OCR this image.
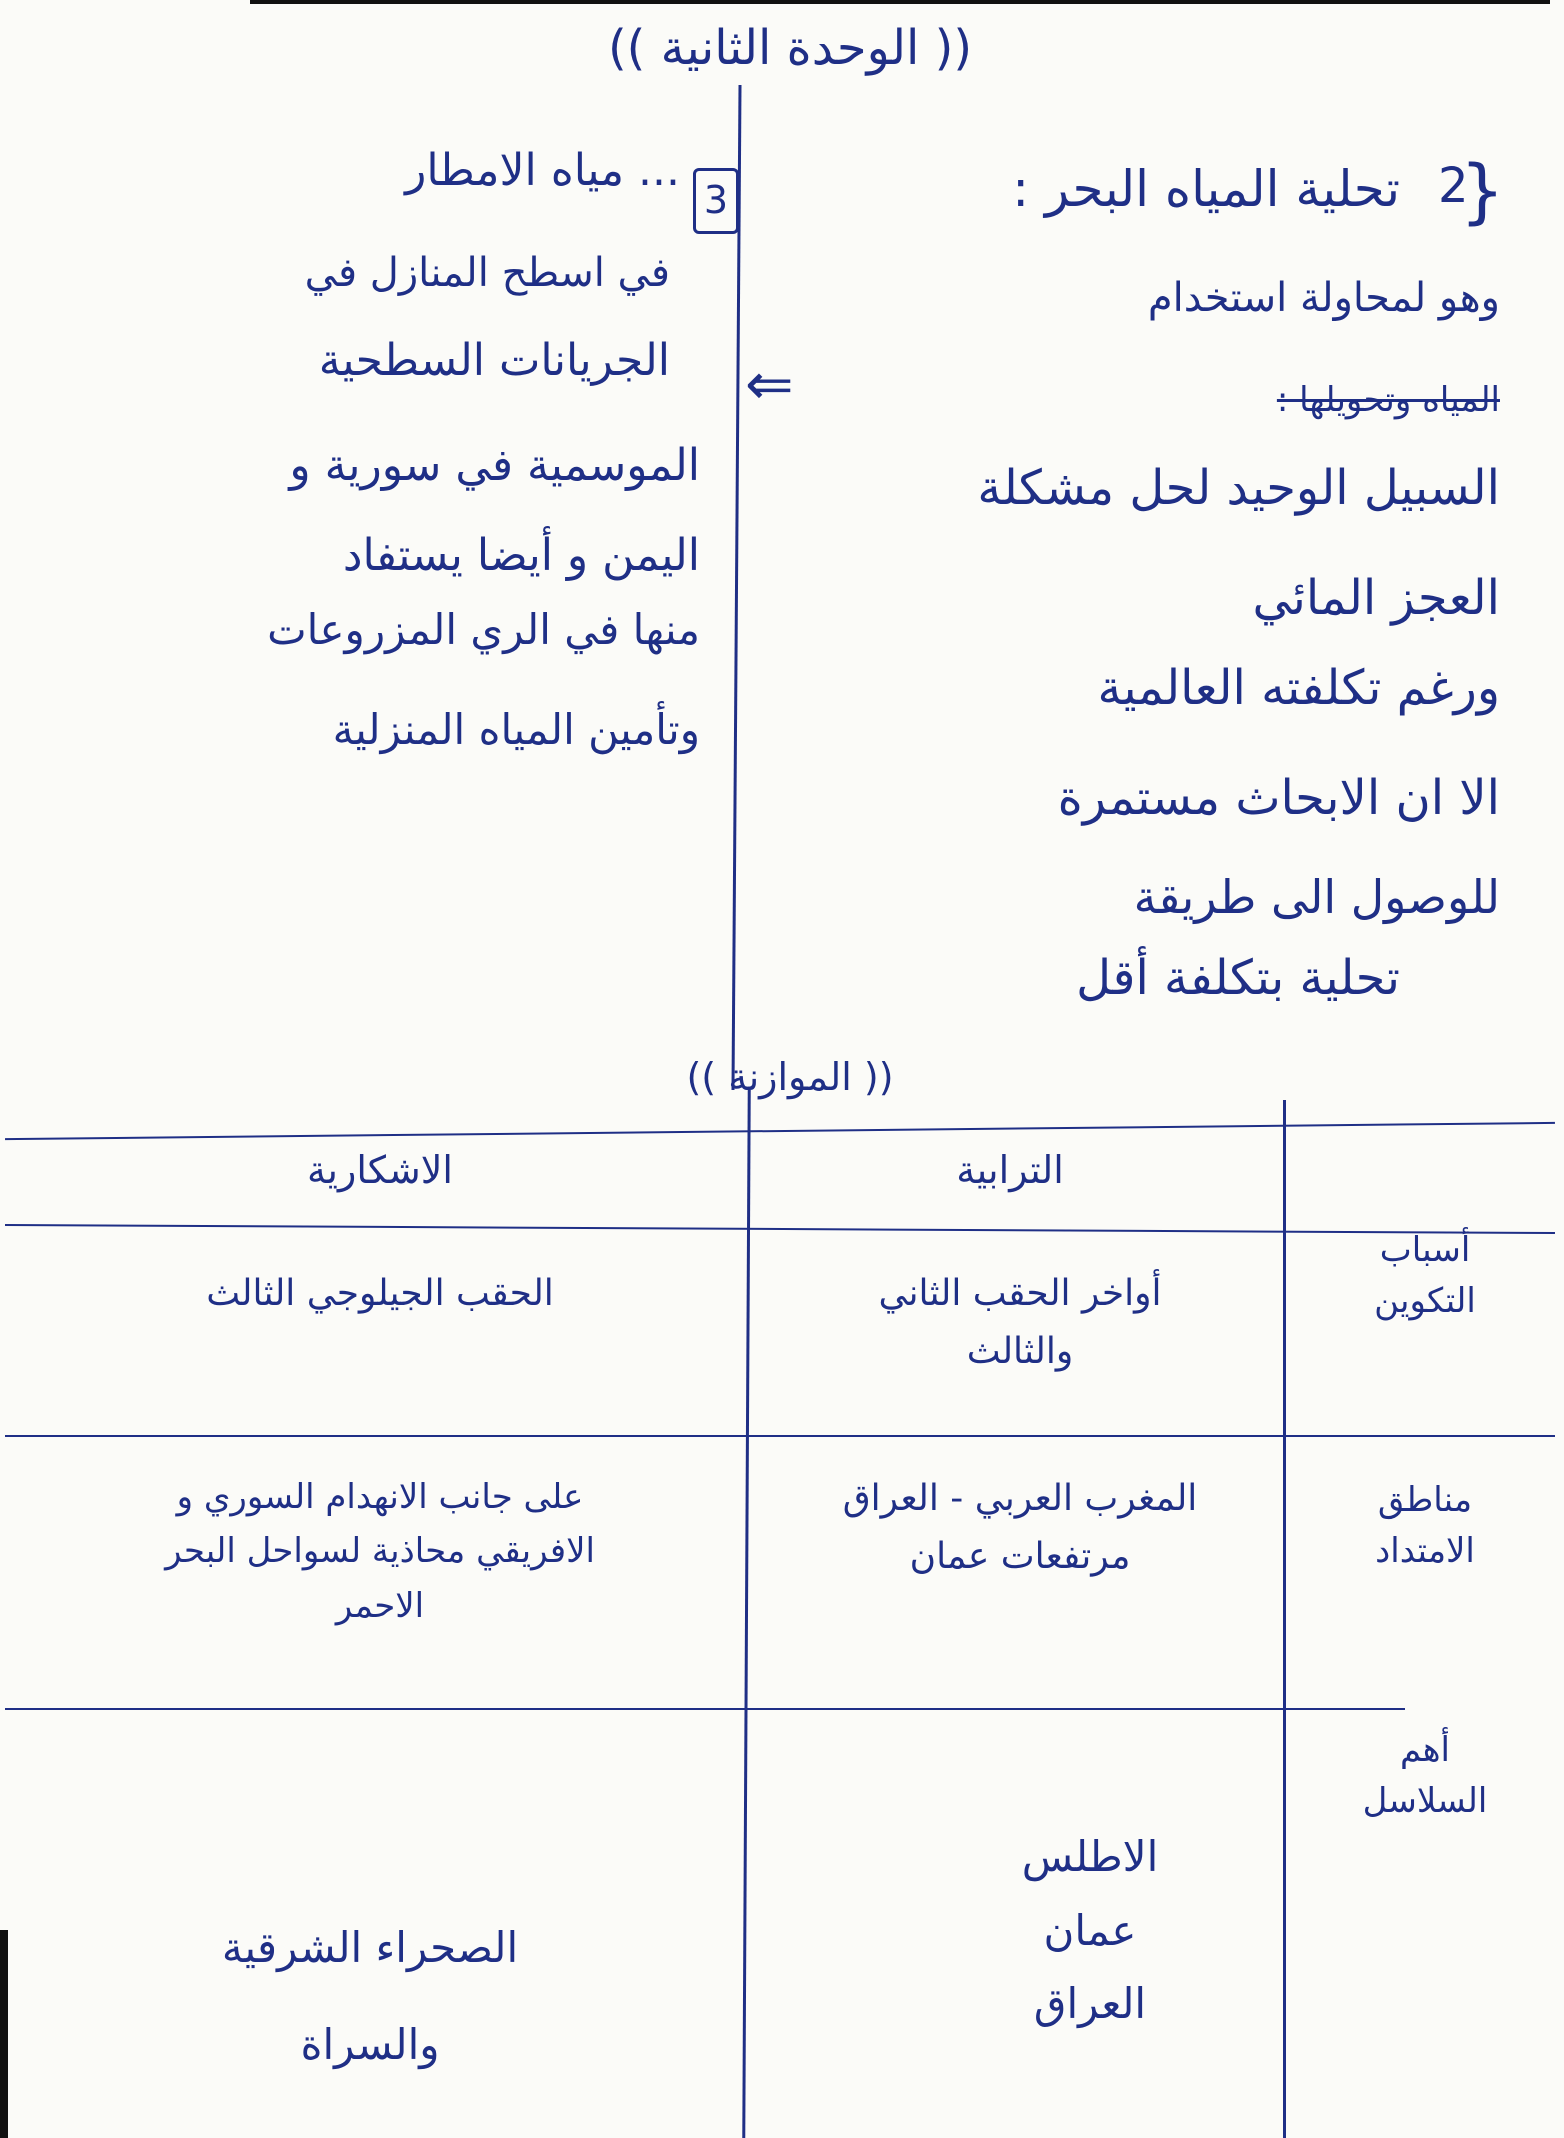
(( الوحدة الثانية ))
}
2
تحلية المياه البحر :
⇐
وهو لمحاولة استخدام
المياه وتحويلها :
السبيل الوحيد لحل مشكلة
العجز المائي
ورغم تكلفته العالمية
الا ان الابحاث مستمرة
للوصول الى طريقة
تحلية بتكلفة أقل
3
... مياه الامطار
في اسطح المنازل في
الجريانات السطحية
الموسمية في سورية و
اليمن و أيضا يستفاد
منها في الري المزروعات
وتأمين المياه المنزلية
(( الموازنة ))
الترابية
الاشكارية
أسباب
التكوين
أواخر الحقب الثاني
والثالث
الحقب الجيلوجي الثالث
مناطق
الامتداد
المغرب العربي - العراق
مرتفعات عمان
على جانب الانهدام السوري و
الافريقي محاذية لسواحل البحر
الاحمر
أهم
السلاسل
الاطلس
عمان
العراق
الصحراء الشرقية
والسراة
